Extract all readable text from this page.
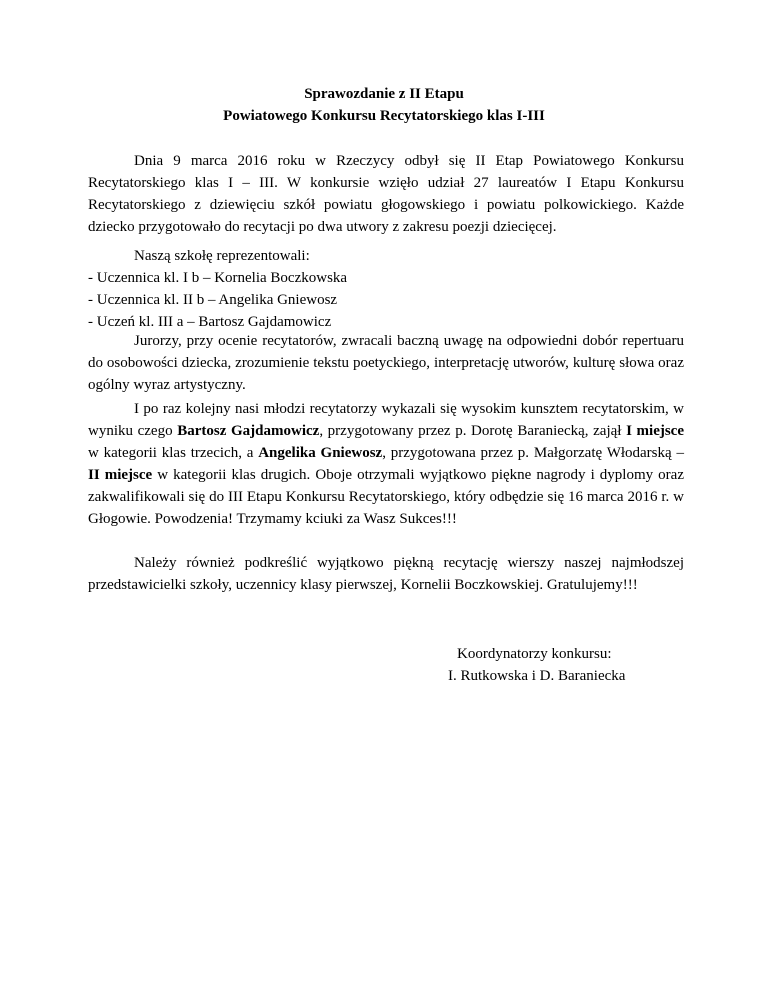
Sprawozdanie z II Etapu
Powiatowego Konkursu Recytatorskiego klas I-III

Dnia 9 marca 2016 roku w Rzeczycy odbył się II Etap Powiatowego Konkursu Recytatorskiego klas I – III. W konkursie wzięło udział 27 laureatów I Etapu Konkursu Recytatorskiego z dziewięciu szkół powiatu głogowskiego i powiatu polkowickiego. Każde dziecko przygotowało do recytacji po dwa utwory z zakresu poezji dziecięcej.

Naszą szkołę reprezentowali:
- Uczennica kl. I b – Kornelia Boczkowska
- Uczennica kl. II b – Angelika Gniewosz
- Uczeń kl. III a – Bartosz Gajdamowicz

Jurorzy, przy ocenie recytatorów, zwracali baczną uwagę na odpowiedni dobór repertuaru do osobowości dziecka, zrozumienie tekstu poetyckiego, interpretację utworów, kulturę słowa oraz ogólny wyraz artystyczny.

I po raz kolejny nasi młodzi recytatorzy wykazali się wysokim kunsztem recytatorskim, w wyniku czego Bartosz Gajdamowicz, przygotowany przez p. Dorotę Baraniecką, zajął I miejsce w kategorii klas trzecich, a Angelika Gniewosz, przygotowana przez p. Małgorzatę Włodarską – II miejsce w kategorii klas drugich. Oboje otrzymali wyjątkowo piękne nagrody i dyplomy oraz zakwalifikowali się do III Etapu Konkursu Recytatorskiego, który odbędzie się 16 marca 2016 r. w Głogowie. Powodzenia! Trzymamy kciuki za Wasz Sukces!!!

Należy również podkreślić wyjątkowo piękną recytację wierszy naszej najmłodszej przedstawicielki szkoły, uczennicy klasy pierwszej, Kornelii Boczkowskiej. Gratulujemy!!!

Koordynatorzy konkursu:
I. Rutkowska i D. Baraniecka
